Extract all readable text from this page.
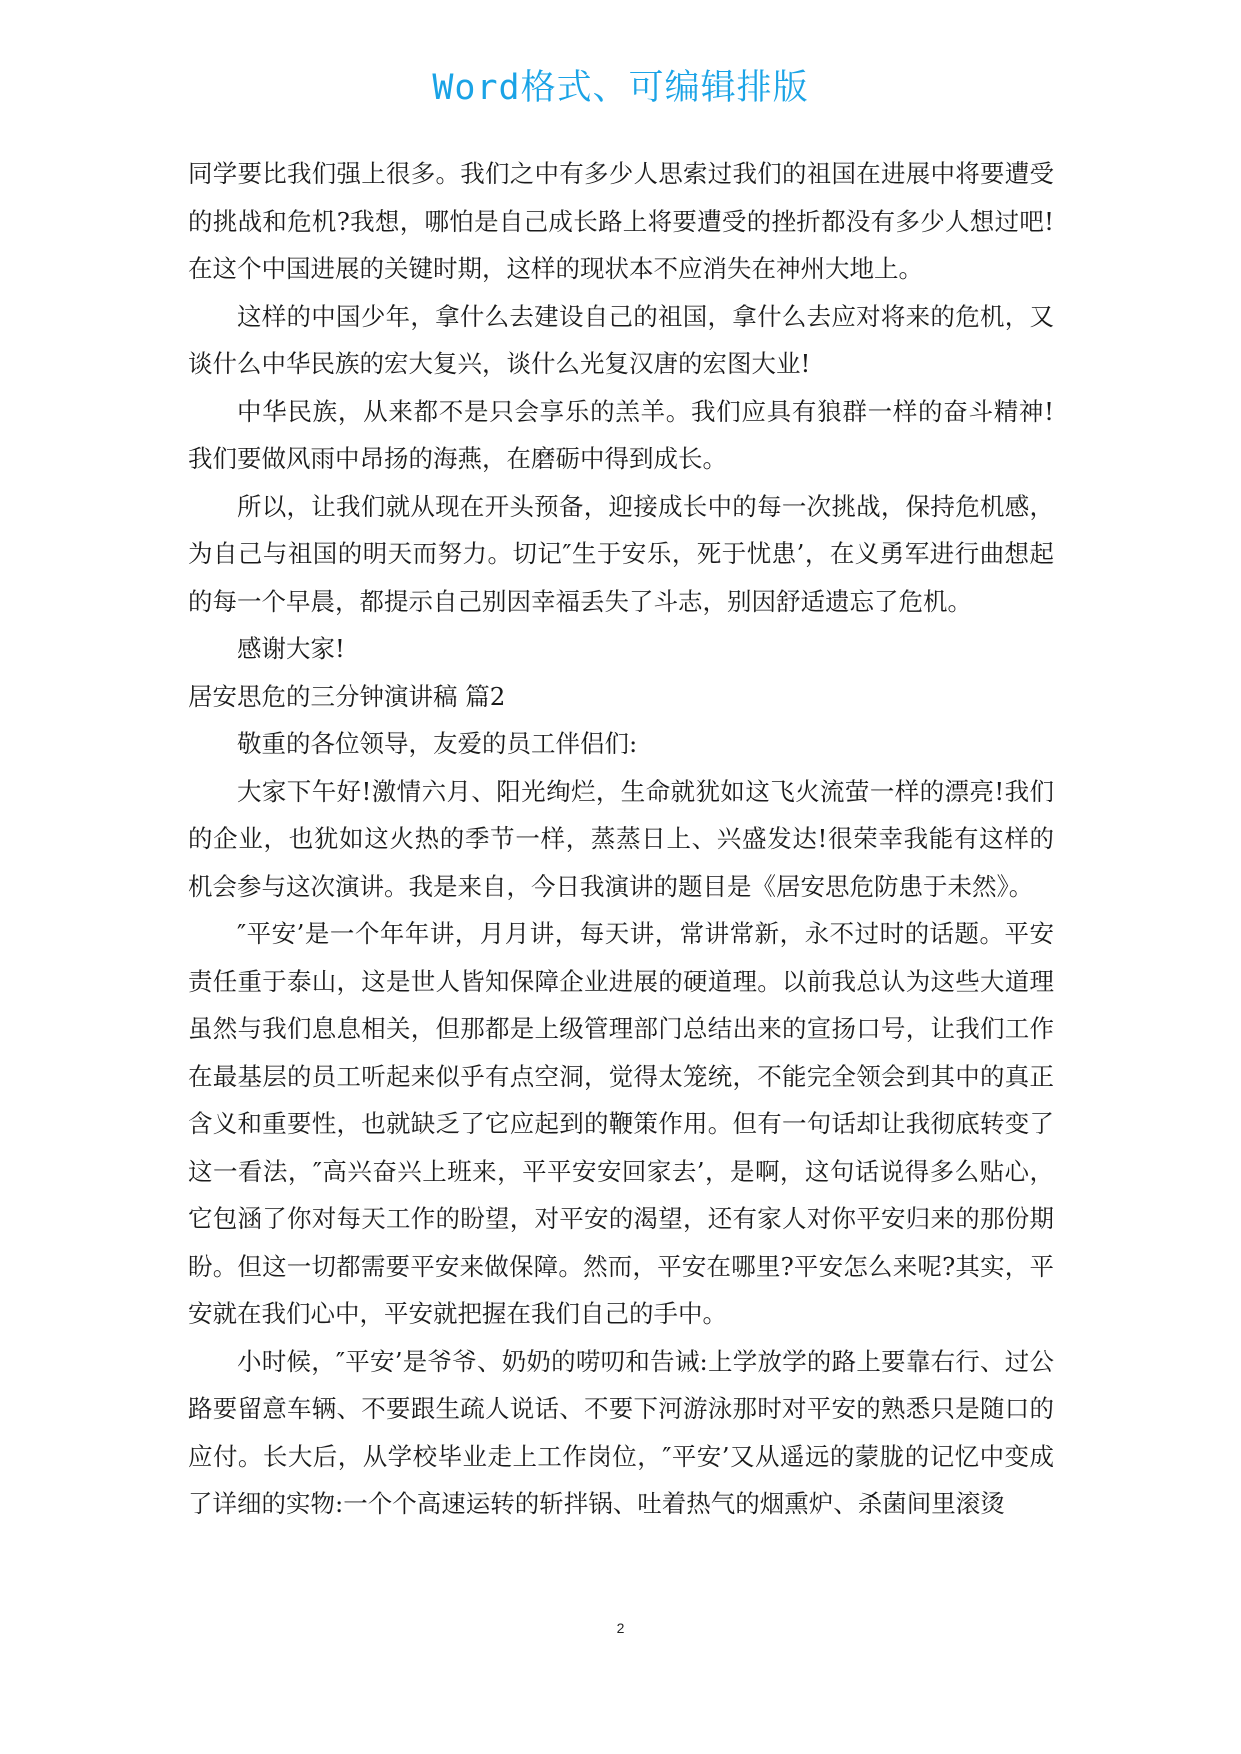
Word格式、可编辑排版

同学要比我们强上很多。我们之中有多少人思索过我们的祖国在进展中将要遭受的挑战和危机?我想，哪怕是自己成长路上将要遭受的挫折都没有多少人想过吧!在这个中国进展的关键时期，这样的现状本不应消失在神州大地上。

这样的中国少年，拿什么去建设自己的祖国，拿什么去应对将来的危机，又谈什么中华民族的宏大复兴，谈什么光复汉唐的宏图大业!

中华民族，从来都不是只会享乐的羔羊。我们应具有狼群一样的奋斗精神!我们要做风雨中昂扬的海燕，在磨砺中得到成长。

所以，让我们就从现在开头预备，迎接成长中的每一次挑战，保持危机感，为自己与祖国的明天而努力。切记″生于安乐，死于忧患’，在义勇军进行曲想起的每一个早晨，都提示自己别因幸福丢失了斗志，别因舒适遗忘了危机。

感谢大家!

居安思危的三分钟演讲稿 篇2

敬重的各位领导，友爱的员工伴侣们:

大家下午好!激情六月、阳光绚烂，生命就犹如这飞火流萤一样的漂亮!我们的企业，也犹如这火热的季节一样，蒸蒸日上、兴盛发达!很荣幸我能有这样的机会参与这次演讲。我是来自，今日我演讲的题目是《居安思危防患于未然》。

″平安’是一个年年讲，月月讲，每天讲，常讲常新，永不过时的话题。平安责任重于泰山，这是世人皆知保障企业进展的硬道理。以前我总认为这些大道理虽然与我们息息相关，但那都是上级管理部门总结出来的宣扬口号，让我们工作在最基层的员工听起来似乎有点空洞，觉得太笼统，不能完全领会到其中的真正含义和重要性，也就缺乏了它应起到的鞭策作用。但有一句话却让我彻底转变了这一看法，″高兴奋兴上班来，平平安安回家去’，是啊，这句话说得多么贴心，它包涵了你对每天工作的盼望，对平安的渴望，还有家人对你平安归来的那份期盼。但这一切都需要平安来做保障。然而，平安在哪里?平安怎么来呢?其实，平安就在我们心中，平安就把握在我们自己的手中。

小时候，″平安’是爷爷、奶奶的唠叨和告诫:上学放学的路上要靠右行、过公路要留意车辆、不要跟生疏人说话、不要下河游泳那时对平安的熟悉只是随口的应付。长大后，从学校毕业走上工作岗位，″平安’又从遥远的蒙胧的记忆中变成了详细的实物:一个个高速运转的斩拌锅、吐着热气的烟熏炉、杀菌间里滚烫

2
